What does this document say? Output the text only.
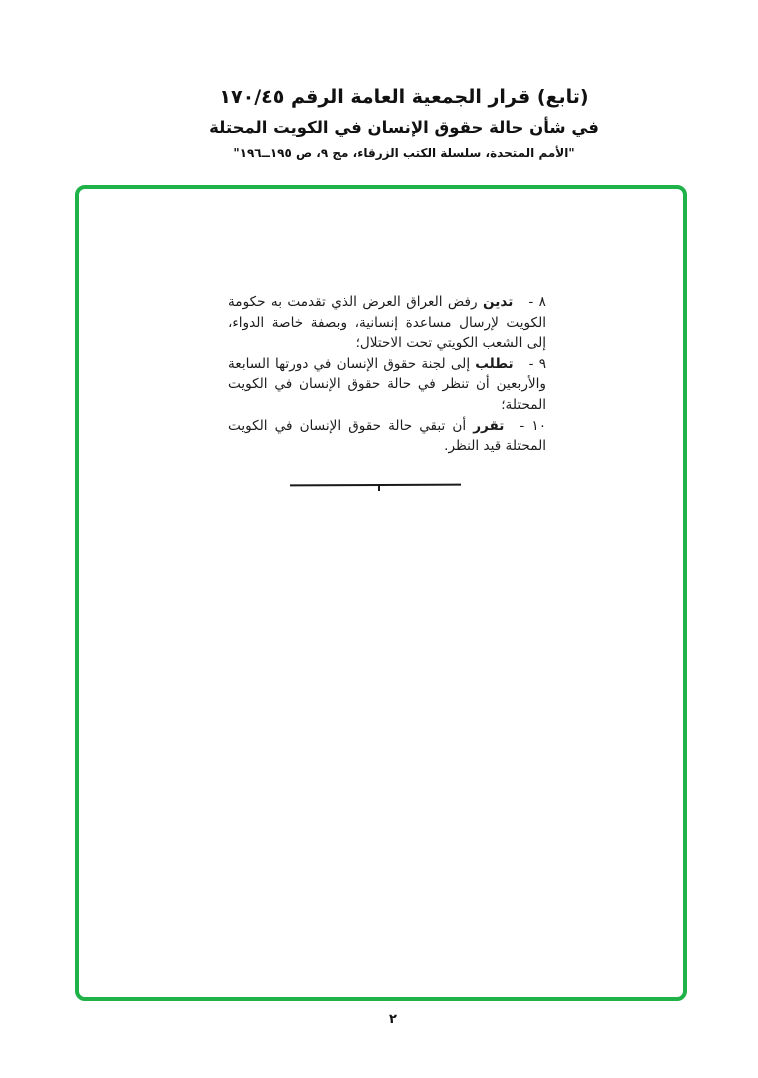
(تابع) قرار الجمعية العامة الرقم ١٧٠/٤٥
في شأن حالة حقوق الإنسان في الكويت المحتلة
"الأمم المتحدة، سلسلة الكتب الزرقاء، مج ٩، ص ١٩٥ــ١٩٦"

٨ -تدين رفض العراق العرض الذي تقدمت به حكومة الكويت لإرسال مساعدة إنسانية، وبصفة خاصة الدواء، إلى الشعب الكويتي تحت الاحتلال؛

٩ -تطلب إلى لجنة حقوق الإنسان في دورتها السابعة والأربعين أن تنظر في حالة حقوق الإنسان في الكويت المحتلة؛

١٠ -تقرر أن تبقي حالة حقوق الإنسان في الكويت المحتلة قيد النظر.

٢
